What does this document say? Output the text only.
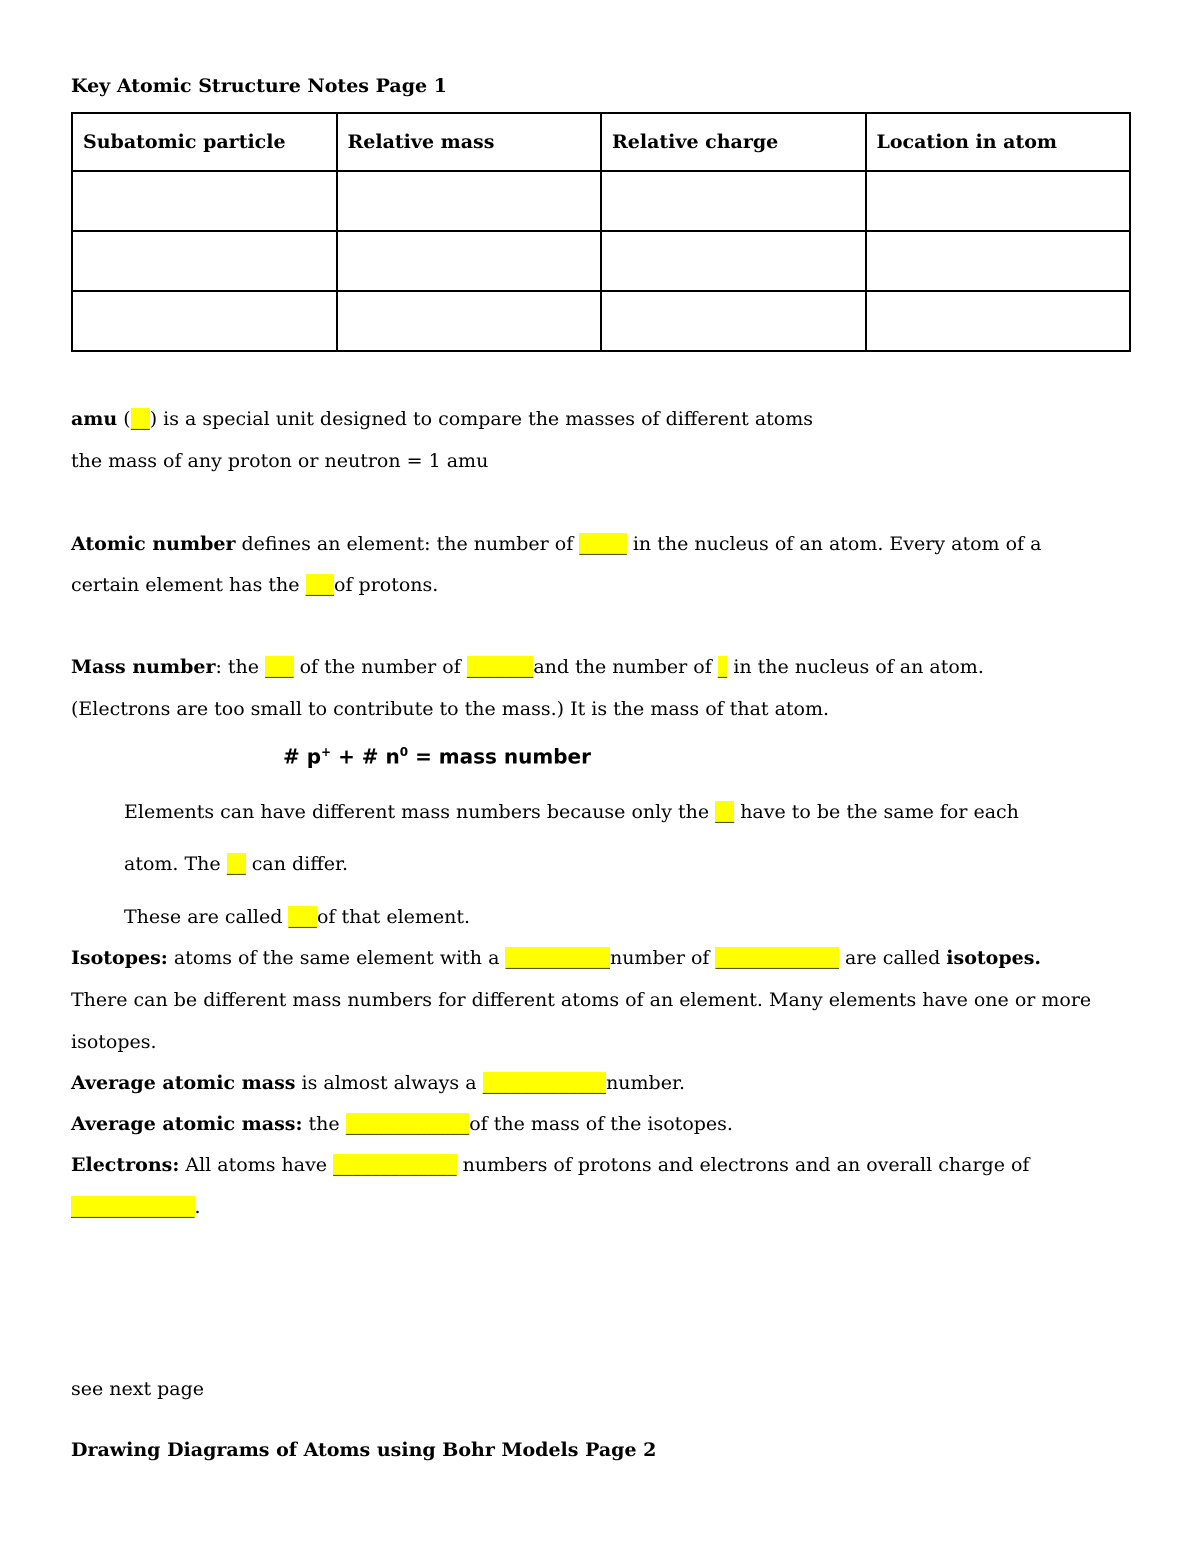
Key Atomic Structure Notes Page 1
Subatomic particle	Relative mass	Relative charge	Location in atom

amu (__) is a special unit designed to compare the masses of different atoms
the mass of any proton or neutron = 1 amu
Atomic number defines an element: the number of _____ in the nucleus of an atom. Every atom of a
certain element has the ___of protons.
Mass number: the ___ of the number of _______and the number of _ in the nucleus of an atom.
(Electrons are too small to contribute to the mass.) It is the mass of that atom.
# p+ + # $n^0$ = mass number
Elements can have different mass numbers because only the __ have to be the same for each
atom. The __ can differ.
These are called ___of that element.
Isotopes: atoms of the same element with a ___________number of _____________ are called isotopes.
There can be different mass numbers for different atoms of an element. Many elements have one or more
isotopes.
Average atomic mass is almost always a _____________number.
Average atomic mass: the _____________of the mass of the isotopes.
Electrons: All atoms have _____________ numbers of protons and electrons and an overall charge of
_____________.
see next page
Drawing Diagrams of Atoms using Bohr Models Page 2
